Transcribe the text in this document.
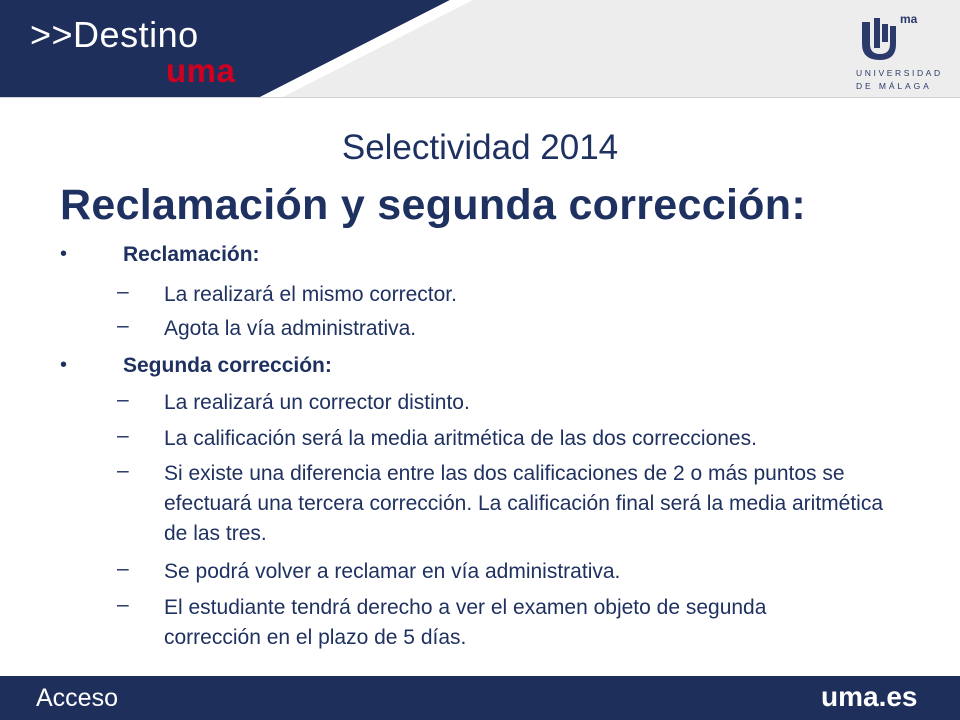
>>Destino
uma
ma
UNIVERSIDAD
DE MÁLAGA
Selectividad 2014
Reclamación y segunda corrección:
•	Reclamación:
– La realizará el mismo corrector.
– Agota la vía administrativa.
•	Segunda corrección:
– La realizará un corrector distinto.
– La calificación será la media aritmética de las dos correcciones.
– Si existe una diferencia entre las dos calificaciones de 2 o más puntos se efectuará una tercera corrección. La calificación final será la media aritmética de las tres.
– Se podrá volver a reclamar en vía administrativa.
– El estudiante tendrá derecho a ver el examen objeto de segunda corrección en el plazo de 5 días.
Acceso	uma.es
